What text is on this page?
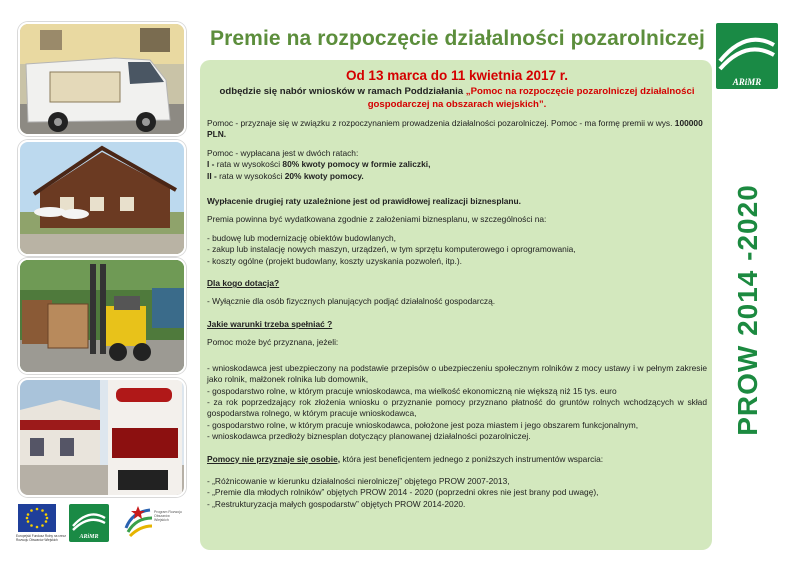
Europejski Fundusz Rolny na rzecz Rozwoju Obszarów Wiejskich	ARiMR
Program Rozwoju Obszarów Wiejskich
Premie na rozpoczęcie działalności pozarolniczej
ARiMR
PROW 2014 -2020
Od 13 marca do 11 kwietnia 2017 r.
odbędzie się nabór wniosków w ramach Poddziałania „Pomoc na rozpoczęcie pozarolniczej działalności gospodarczej na obszarach wiejskich”.

Pomoc - przyznaje się w związku z rozpoczynaniem prowadzenia działalności pozarolniczej. Pomoc - ma formę premii w wys. 100000 PLN.

Pomoc - wypłacana jest w dwóch ratach:

I - rata w wysokości 80% kwoty pomocy w formie zaliczki,

II - rata w wysokości 20% kwoty pomocy.

Wypłacenie drugiej raty uzależnione jest od prawidłowej realizacji biznesplanu.

Premia powinna być wydatkowana zgodnie z założeniami biznesplanu, w szczególności na:

- budowę lub modernizację obiektów budowlanych,

- zakup lub instalację nowych maszyn, urządzeń, w tym sprzętu komputerowego i oprogramowania,

- koszty ogólne (projekt budowlany, koszty uzyskania pozwoleń, itp.).

Dla kogo dotacja?

- Wyłącznie dla osób fizycznych planujących podjąć działalność gospodarczą.

Jakie warunki trzeba spełniać ?

Pomoc może być przyznana, jeżeli:

- wnioskodawca jest ubezpieczony na podstawie przepisów o ubezpieczeniu społecznym rolników z mocy ustawy i w pełnym zakresie jako rolnik, małżonek rolnika lub domownik,

- gospodarstwo rolne, w którym pracuje wnioskodawca, ma wielkość ekonomiczną nie większą niż 15 tys. euro

- za rok poprzedzający rok złożenia wniosku o przyznanie pomocy przyznano płatność do gruntów rolnych wchodzących w skład gospodarstwa rolnego, w którym pracuje wnioskodawca,

- gospodarstwo rolne, w którym pracuje wnioskodawca, położone jest poza miastem i jego obszarem funkcjonalnym,

- wnioskodawca przedłoży biznesplan dotyczący planowanej działalności pozarolniczej.

Pomocy nie przyznaje się osobie, która jest beneficjentem jednego z poniższych instrumentów wsparcia:

- „Różnicowanie w kierunku działalności nierolniczej” objętego PROW 2007-2013,

- „Premie dla młodych rolników” objętych PROW 2014 - 2020 (poprzedni okres nie jest brany pod uwagę),

- „Restrukturyzacja małych gospodarstw” objętych PROW 2014-2020.
